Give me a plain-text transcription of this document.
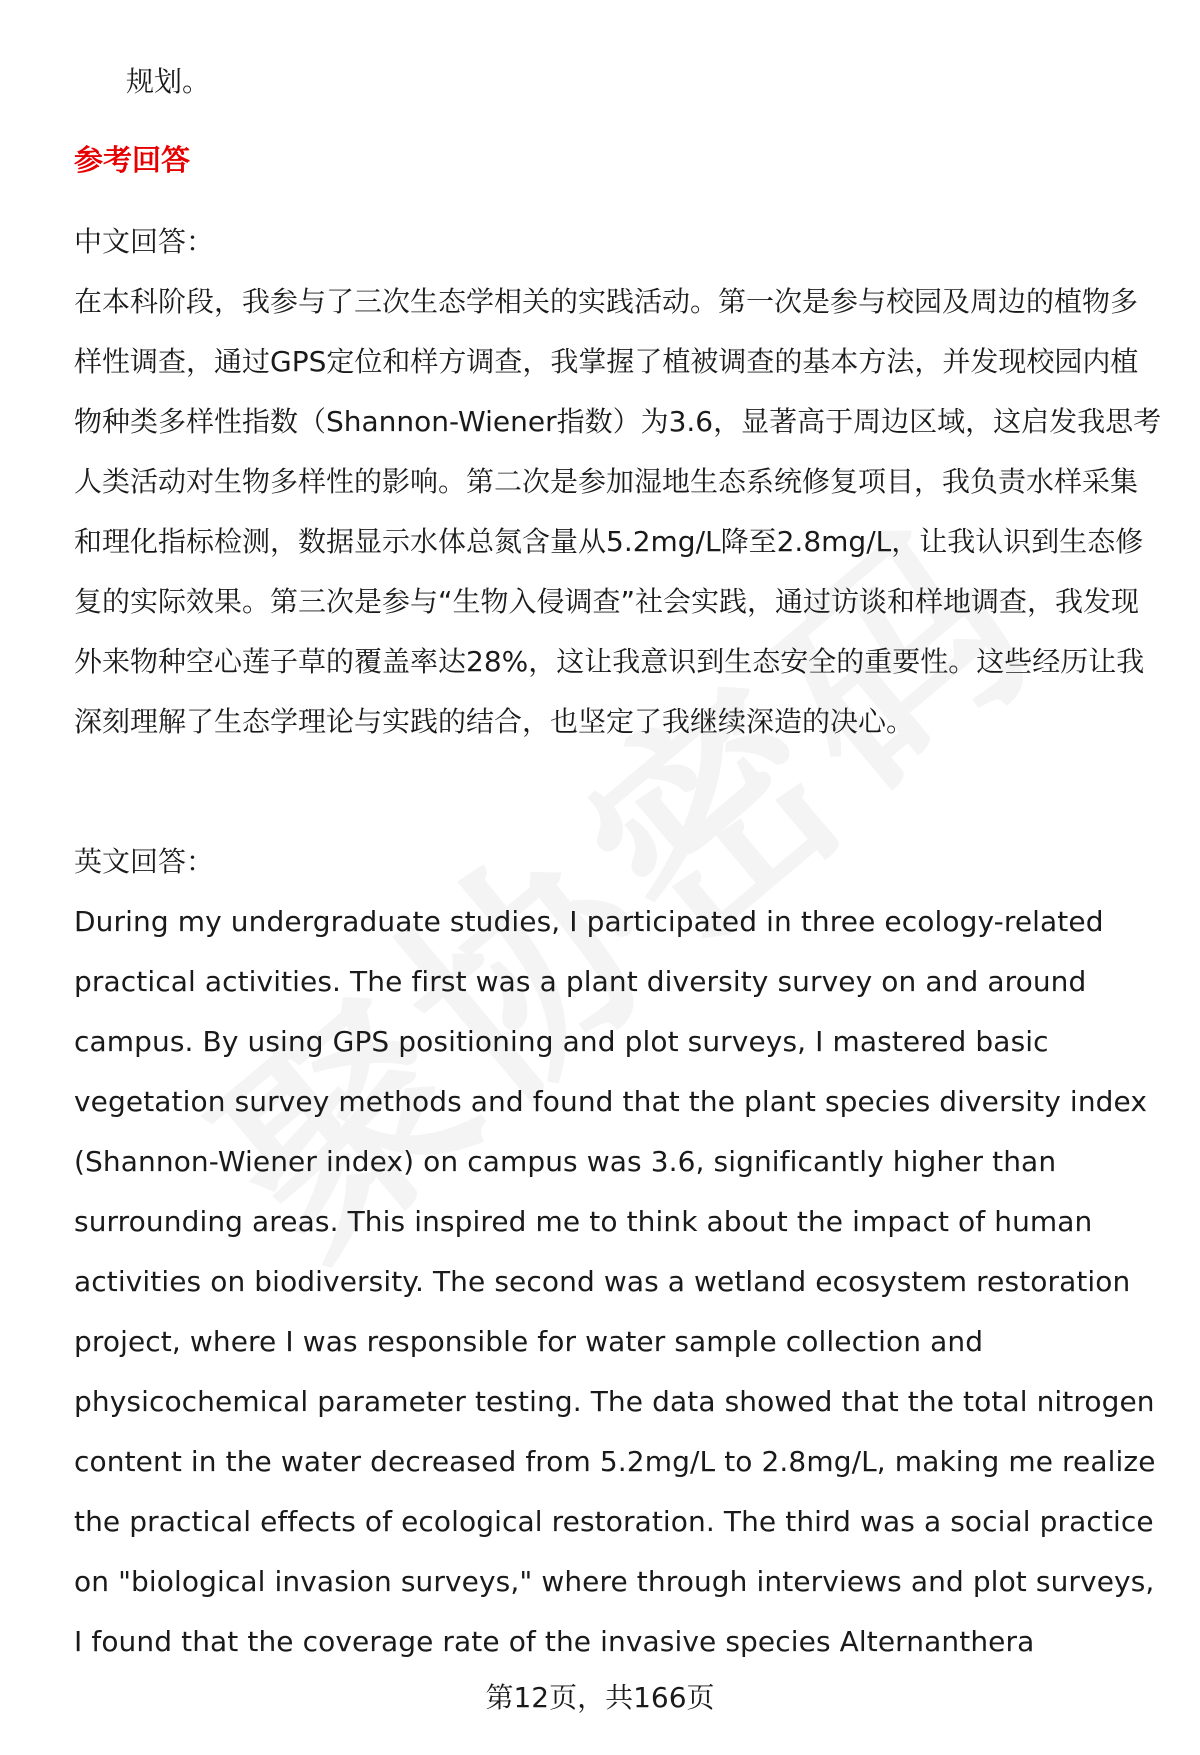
规划。

参考回答

中文回答：

在本科阶段，我参与了三次生态学相关的实践活动。第一次是参与校园及周边的植物多样性调查，通过GPS定位和样方调查，我掌握了植被调查的基本方法，并发现校园内植物种类多样性指数（Shannon-Wiener指数）为3.6，显著高于周边区域，这启发我思考人类活动对生物多样性的影响。第二次是参加湿地生态系统修复项目，我负责水样采集和理化指标检测，数据显示水体总氮含量从5.2mg/L降至2.8mg/L，让我认识到生态修复的实际效果。第三次是参与“生物入侵调查”社会实践，通过访谈和样地调查，我发现外来物种空心莲子草的覆盖率达28%，这让我意识到生态安全的重要性。这些经历让我深刻理解了生态学理论与实践的结合，也坚定了我继续深造的决心。

英文回答：

During my undergraduate studies, I participated in three ecology-related practical activities. The first was a plant diversity survey on and around campus. By using GPS positioning and plot surveys, I mastered basic vegetation survey methods and found that the plant species diversity index (Shannon-Wiener index) on campus was 3.6, significantly higher than surrounding areas. This inspired me to think about the impact of human activities on biodiversity. The second was a wetland ecosystem restoration project, where I was responsible for water sample collection and physicochemical parameter testing. The data showed that the total nitrogen content in the water decreased from 5.2mg/L to 2.8mg/L, making me realize the practical effects of ecological restoration. The third was a social practice on "biological invasion surveys," where through interviews and plot surveys, I found that the coverage rate of the invasive species Alternanthera

第12页，共166页
